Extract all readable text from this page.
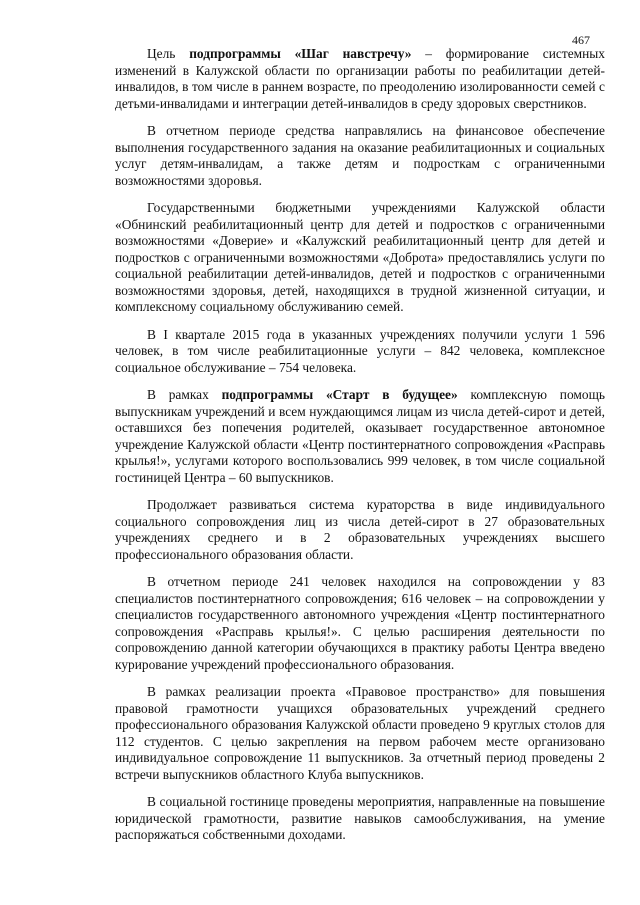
467

Цель подпрограммы «Шаг навстречу» – формирование системных изменений в Калужской области по организации работы по реабилитации детей-инвалидов, в том числе в раннем возрасте, по преодолению изолированности семей с детьми-инвалидами и интеграции детей-инвалидов в среду здоровых сверстников.

В отчетном периоде средства направлялись на финансовое обеспечение выполнения государственного задания на оказание реабилитационных и социальных услуг детям-инвалидам, а также детям и подросткам с ограниченными возможностями здоровья.

Государственными бюджетными учреждениями Калужской области «Обнинский реабилитационный центр для детей и подростков с ограниченными возможностями «Доверие» и «Калужский реабилитационный центр для детей и подростков с ограниченными возможностями «Доброта» предоставлялись услуги по социальной реабилитации детей-инвалидов, детей и подростков с ограниченными возможностями здоровья, детей, находящихся в трудной жизненной ситуации, и комплексному социальному обслуживанию семей.

В I квартале 2015 года в указанных учреждениях получили услуги 1 596 человек, в том числе реабилитационные услуги – 842 человека, комплексное социальное обслуживание – 754 человека.

В рамках подпрограммы «Старт в будущее» комплексную помощь выпускникам учреждений и всем нуждающимся лицам из числа детей-сирот и детей, оставшихся без попечения родителей, оказывает государственное автономное учреждение Калужской области «Центр постинтернатного сопровождения «Расправь крылья!», услугами которого воспользовались 999 человек, в том числе социальной гостиницей Центра – 60 выпускников.

Продолжает развиваться система кураторства в виде индивидуального социального сопровождения лиц из числа детей-сирот в 27 образовательных учреждениях среднего и в 2 образовательных учреждениях высшего профессионального образования области.

В отчетном периоде 241 человек находился на сопровождении у 83 специалистов постинтернатного сопровождения; 616 человек – на сопровождении у специалистов государственного автономного учреждения «Центр постинтернатного сопровождения «Расправь крылья!». С целью расширения деятельности по сопровождению данной категории обучающихся в практику работы Центра введено курирование учреждений профессионального образования.

В рамках реализации проекта «Правовое пространство» для повышения правовой грамотности учащихся образовательных учреждений среднего профессионального образования Калужской области проведено 9 круглых столов для 112 студентов. С целью закрепления на первом рабочем месте организовано индивидуальное сопровождение 11 выпускников. За отчетный период проведены 2 встречи выпускников областного Клуба выпускников.

В социальной гостинице проведены мероприятия, направленные на повышение юридической грамотности, развитие навыков самообслуживания, на умение распоряжаться собственными доходами.
